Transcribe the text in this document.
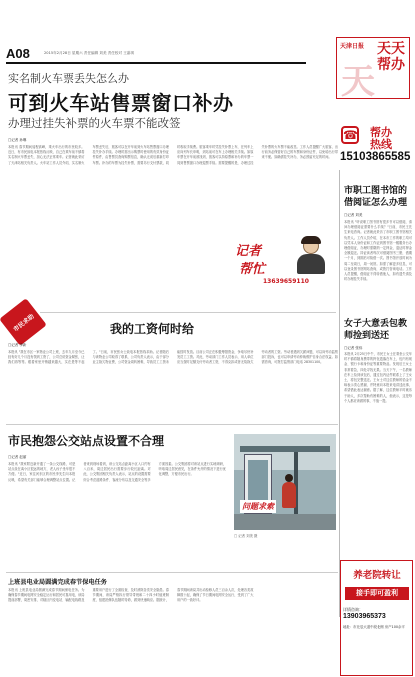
A08	2015年2月28日 星期六 责任编辑 刘美 责任校对 王嘉琪
天津日报 天天帮办
天
实名制火车票丢失怎么办
可到火车站售票窗口补办
办理过挂失补票的火车票不能改签
□记者 孙琳
本报讯 春节期间返程高峰，乘火车出行的市民较多。近日，有市民致电本报热线反映，自己在乘车前不慎将实名制火车票丢失，担心无法正常乘车。记者就此采访了天津站相关负责人。火车站工作人员介绍，实名制火车票丢失后，旅客可以在开车前到火车站售票窗口办理挂失补办手续。办理时需出示购票时使用的有效身份证件原件，由售票员查询购票信息，确认无误后重新打印车票。补办的车票为挂失补票，需要另行支付票款，同时收取手续费。旅客乘车时凭挂失补票上车，在列车上应向列车长申明，到站前可在车上办理相关手续。如原车票在开车前被找到，旅客可以持原票和补办的车票一同到售票窗口办理退票手续。需要提醒的是，办理过挂失补票的火车票不能改签。工作人员提醒广大旅客，出行前务必保管好自己的车票和身份证件，以免给出行带来不便。如确需挂失补办，务必预留充足的时间。
☎ 帮办
热线
15103865585
记者
帮忙
13639659110
市民求助
市职工图书馆的借阅证怎么办理
□记者 刘美
本报讯 "听说职工图书馆有很多书可以借阅，请问办理借阅证需要什么手续？"日前，市民王先生来电咨询。记者就此采访了市职工图书馆相关负责人。工作人员介绍，在本市工作的职工均可以凭本人身份证和工作证到图书馆一楼服务台办理借阅证，办理时需缴纳一定押金，退证时押金全额退还。持证读者每次可借阅图书三册，借期一个月，到期后可续借一次。图书馆开放时间为周二至周日，周一闭馆。如需了解更多信息，可以登录图书馆网站查询，或拨打咨询电话。工作人员提醒，借阅证不得转借他人，如有遗失请及时办理挂失手续。
我的工资何时给
□记者 李新
本报讯 "我在市区一家物业公司上班，去年九月至今已经有好几个月没有领到工资了，公司总说资金紧张，让我们再等等。眼看家里开销越来越大，实在是等不起了。"日前，市民张女士致电本报热线求助。记者随后与该物业公司取得了联系，公司负责人表示，由于部分业主拖欠物业费，公司资金周转困难，导致员工工资未能按时发放。目前公司正在积极筹措资金，争取尽快补发员工工资。对此，劳动部门工作人员表示，用人单位应当按时足额支付劳动者工资，不得克扣或者无故拖欠劳动者的工资。劳动者遇到欠薪问题，可以向劳动监察部门投诉，也可以申请劳动仲裁维护自身合法权益。如需咨询，可拨打监察部门电话 28301100。
女子大意丢包教师捡到送还
□记者 张伟
本报讯 2月25日中午，市民王女士在乘坐公交车时不慎将随身携带的挎包遗落在车上，包内有现金、银行卡和身份证等重要物品。发现后王女士非常着急，四处寻找无果。当天下午，一名教师在车上捡到该包后，通过包内证件联系上了王女士，将包完整送还。王女士对这位教师的拾金不昧表示衷心感谢，并特意向本报来电讲述此事，希望借此表达谢意。据了解，这位教师平时就乐于助人，多次帮助有困难的人，他表示，这是每个人都应该做的事，不值一提。
市民抱怨公交站点设置不合理
□记者 赵丽
本报讯 "我家附近新开通了一条公交线路，可是站点设在离小区很远的地方，老人孩子坐车很不方便。"近日，家住河东区的市民李先生向本报反映，希望有关部门能够合理调整站点位置。记者来到现场看到，该公交站点距离小区入口约有八百米，周边居民出行需要步行较长距离。对此，公交集团相关负责人表示，站点的设置需要综合考虑道路条件、客流分布以及交通安全等多方面因素。公交集团将对该站点进行实地调研，听取周边居民意见，在条件允许的情况下进行优化调整，方便市民出行。
问题求索
□ 记者 刘美 摄
上班县电业局圆满完成春节保电任务
本报讯 上班县电业局圆满完成春节期间保电任务。为确保春节期间电网安全稳定运行和居民可靠用电，该局提前部署，周密安排，对辖区内变电站、输配电线路及重要用户进行了全面检查，及时消除各类安全隐患。春节期间，该局严格执行领导带班和二十四小时值班制度，组建抢修队伍随时待命，做到快速响应。据统计，春节期间该局共出动检修人员三百余人次，处理各类故障数十起，确保了节日期间电网安全运行，受到了广大用户的一致好评。
养老院转让
接手即可盈利
详情咨询：
13903965373
地址：市北辰大道中段北侧 房产100余平
